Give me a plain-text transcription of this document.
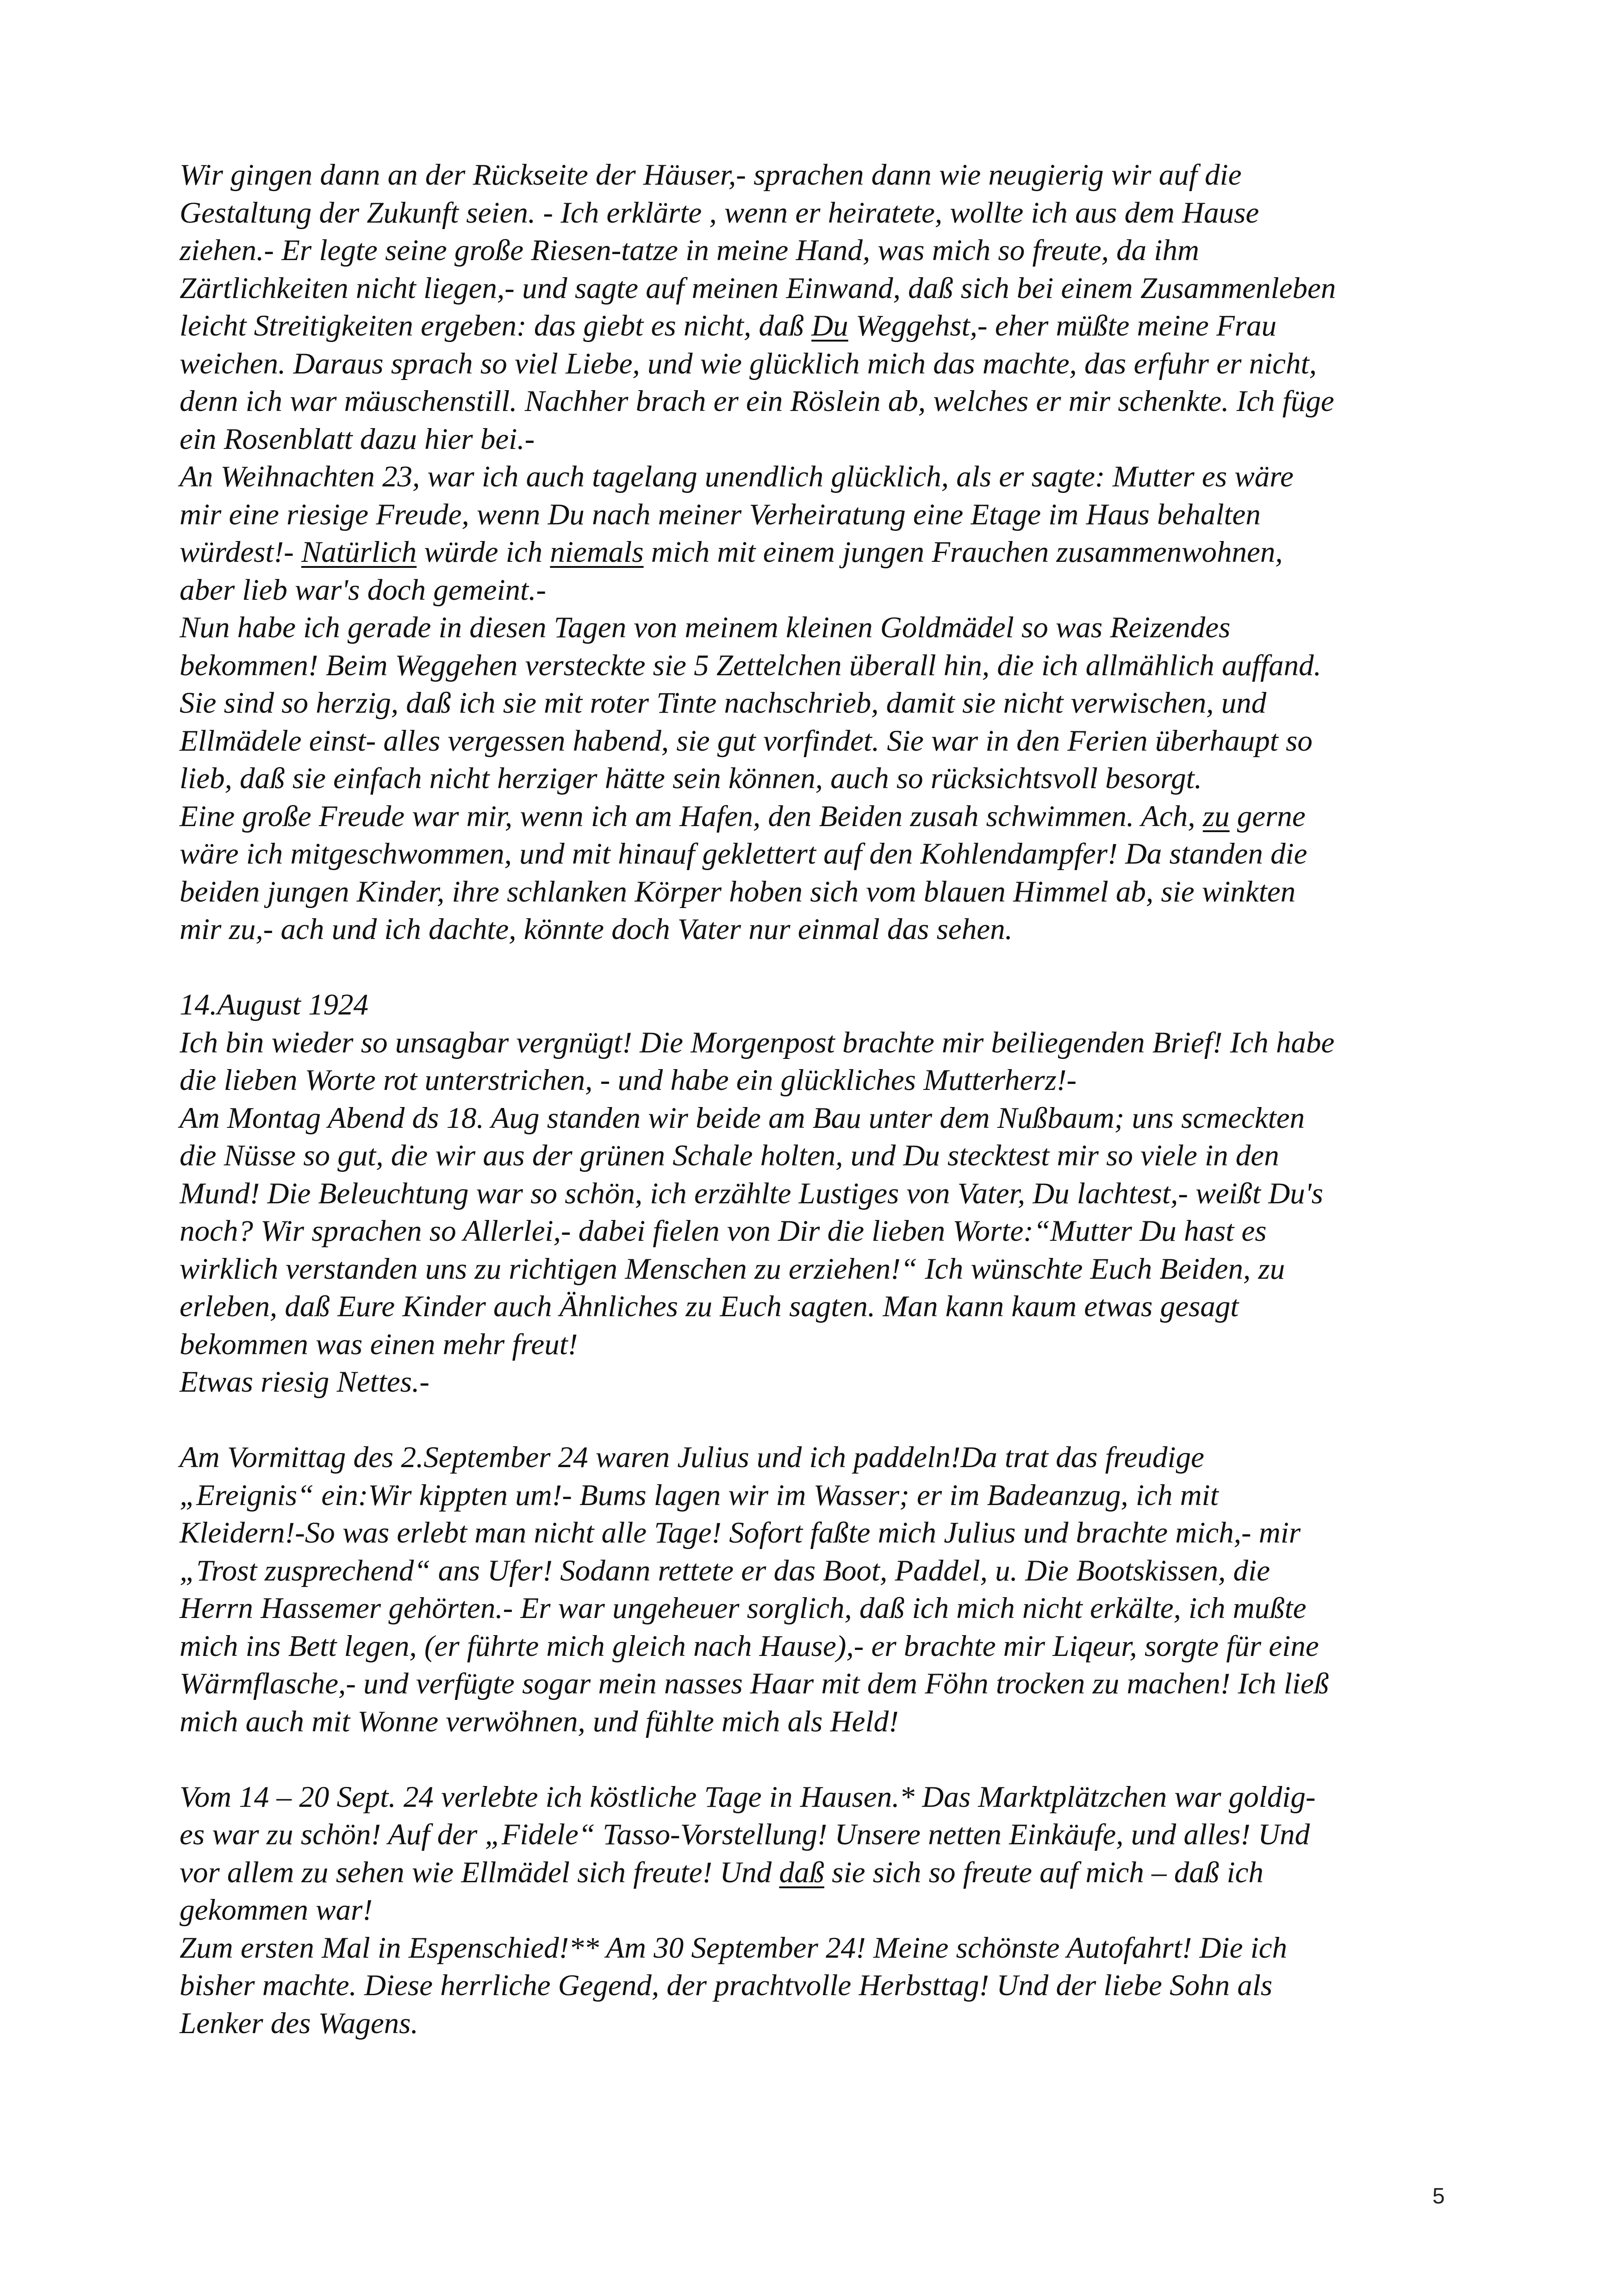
Wir gingen dann an der Rückseite der Häuser,- sprachen dann wie neugierig wir auf die
Gestaltung der Zukunft seien. - Ich erklärte , wenn er heiratete, wollte ich aus dem Hause
ziehen.- Er legte seine große Riesen-tatze in meine Hand, was mich so freute, da ihm
Zärtlichkeiten nicht liegen,- und sagte auf meinen Einwand, daß sich bei einem Zusammenleben
leicht Streitigkeiten ergeben: das giebt es nicht, daß Du Weggehst,- eher müßte meine Frau
weichen. Daraus sprach so viel Liebe, und wie glücklich mich das machte, das erfuhr er nicht,
denn ich war mäuschenstill. Nachher brach er ein Röslein ab, welches er mir schenkte. Ich füge
ein Rosenblatt dazu hier bei.-
An Weihnachten 23, war ich auch tagelang unendlich glücklich, als er sagte: Mutter es wäre
mir eine riesige Freude, wenn Du nach meiner Verheiratung eine Etage im Haus behalten
würdest!- Natürlich würde ich niemals mich mit einem jungen Frauchen zusammenwohnen,
aber lieb war's doch gemeint.-
Nun habe ich gerade in diesen Tagen von meinem kleinen Goldmädel so was Reizendes
bekommen! Beim Weggehen versteckte sie 5 Zettelchen überall hin, die ich allmählich auffand.
Sie sind so herzig, daß ich sie mit roter Tinte nachschrieb, damit sie nicht verwischen, und
Ellmädele einst- alles vergessen habend, sie gut vorfindet. Sie war in den Ferien überhaupt so
lieb, daß sie einfach nicht herziger hätte sein können, auch so rücksichtsvoll besorgt.
Eine große Freude war mir, wenn ich am Hafen, den Beiden zusah schwimmen. Ach, zu gerne
wäre ich mitgeschwommen, und mit hinauf geklettert auf den Kohlendampfer! Da standen die
beiden jungen Kinder, ihre schlanken Körper hoben sich vom blauen Himmel ab, sie winkten
mir zu,- ach und ich dachte, könnte doch Vater nur einmal das sehen.
14.August 1924
Ich bin wieder so unsagbar vergnügt! Die Morgenpost brachte mir beiliegenden Brief! Ich habe
die lieben Worte rot unterstrichen, - und habe ein glückliches Mutterherz!-
Am Montag Abend ds 18. Aug standen wir beide am Bau unter dem Nußbaum; uns scmeckten
die Nüsse so gut, die wir aus der grünen Schale holten, und Du stecktest mir so viele in den
Mund! Die Beleuchtung war so schön, ich erzählte Lustiges von Vater, Du lachtest,- weißt Du's
noch? Wir sprachen so Allerlei,- dabei fielen von Dir die lieben Worte:“Mutter Du hast es
wirklich verstanden uns zu richtigen Menschen zu erziehen!“ Ich wünschte Euch Beiden, zu
erleben, daß Eure Kinder auch Ähnliches zu Euch sagten. Man kann kaum etwas gesagt
bekommen was einen mehr freut!
Etwas riesig Nettes.-
Am Vormittag des 2.September 24 waren Julius und ich paddeln!Da trat das freudige
„Ereignis“ ein:Wir kippten um!- Bums lagen wir im Wasser; er im Badeanzug, ich mit
Kleidern!-So was erlebt man nicht alle Tage! Sofort faßte mich Julius und brachte mich,- mir
„Trost zusprechend“ ans Ufer! Sodann rettete er das Boot, Paddel, u. Die Bootskissen, die
Herrn Hassemer gehörten.- Er war ungeheuer sorglich, daß ich mich nicht erkälte, ich mußte
mich ins Bett legen, (er führte mich gleich nach Hause),- er brachte mir Liqeur, sorgte für eine
Wärmflasche,- und verfügte sogar mein nasses Haar mit dem Föhn trocken zu machen! Ich ließ
mich auch mit Wonne verwöhnen, und fühlte mich als Held!
Vom 14 – 20 Sept. 24 verlebte ich köstliche Tage in Hausen.* Das Marktplätzchen war goldig-
es war zu schön! Auf der „Fidele“ Tasso-Vorstellung! Unsere netten Einkäufe, und alles! Und
vor allem zu sehen wie Ellmädel sich freute! Und daß sie sich so freute auf mich – daß ich
gekommen war!
Zum ersten Mal in Espenschied!** Am 30 September 24! Meine schönste Autofahrt! Die ich
bisher machte. Diese herrliche Gegend, der prachtvolle Herbsttag! Und der liebe Sohn als
Lenker des Wagens.
5
